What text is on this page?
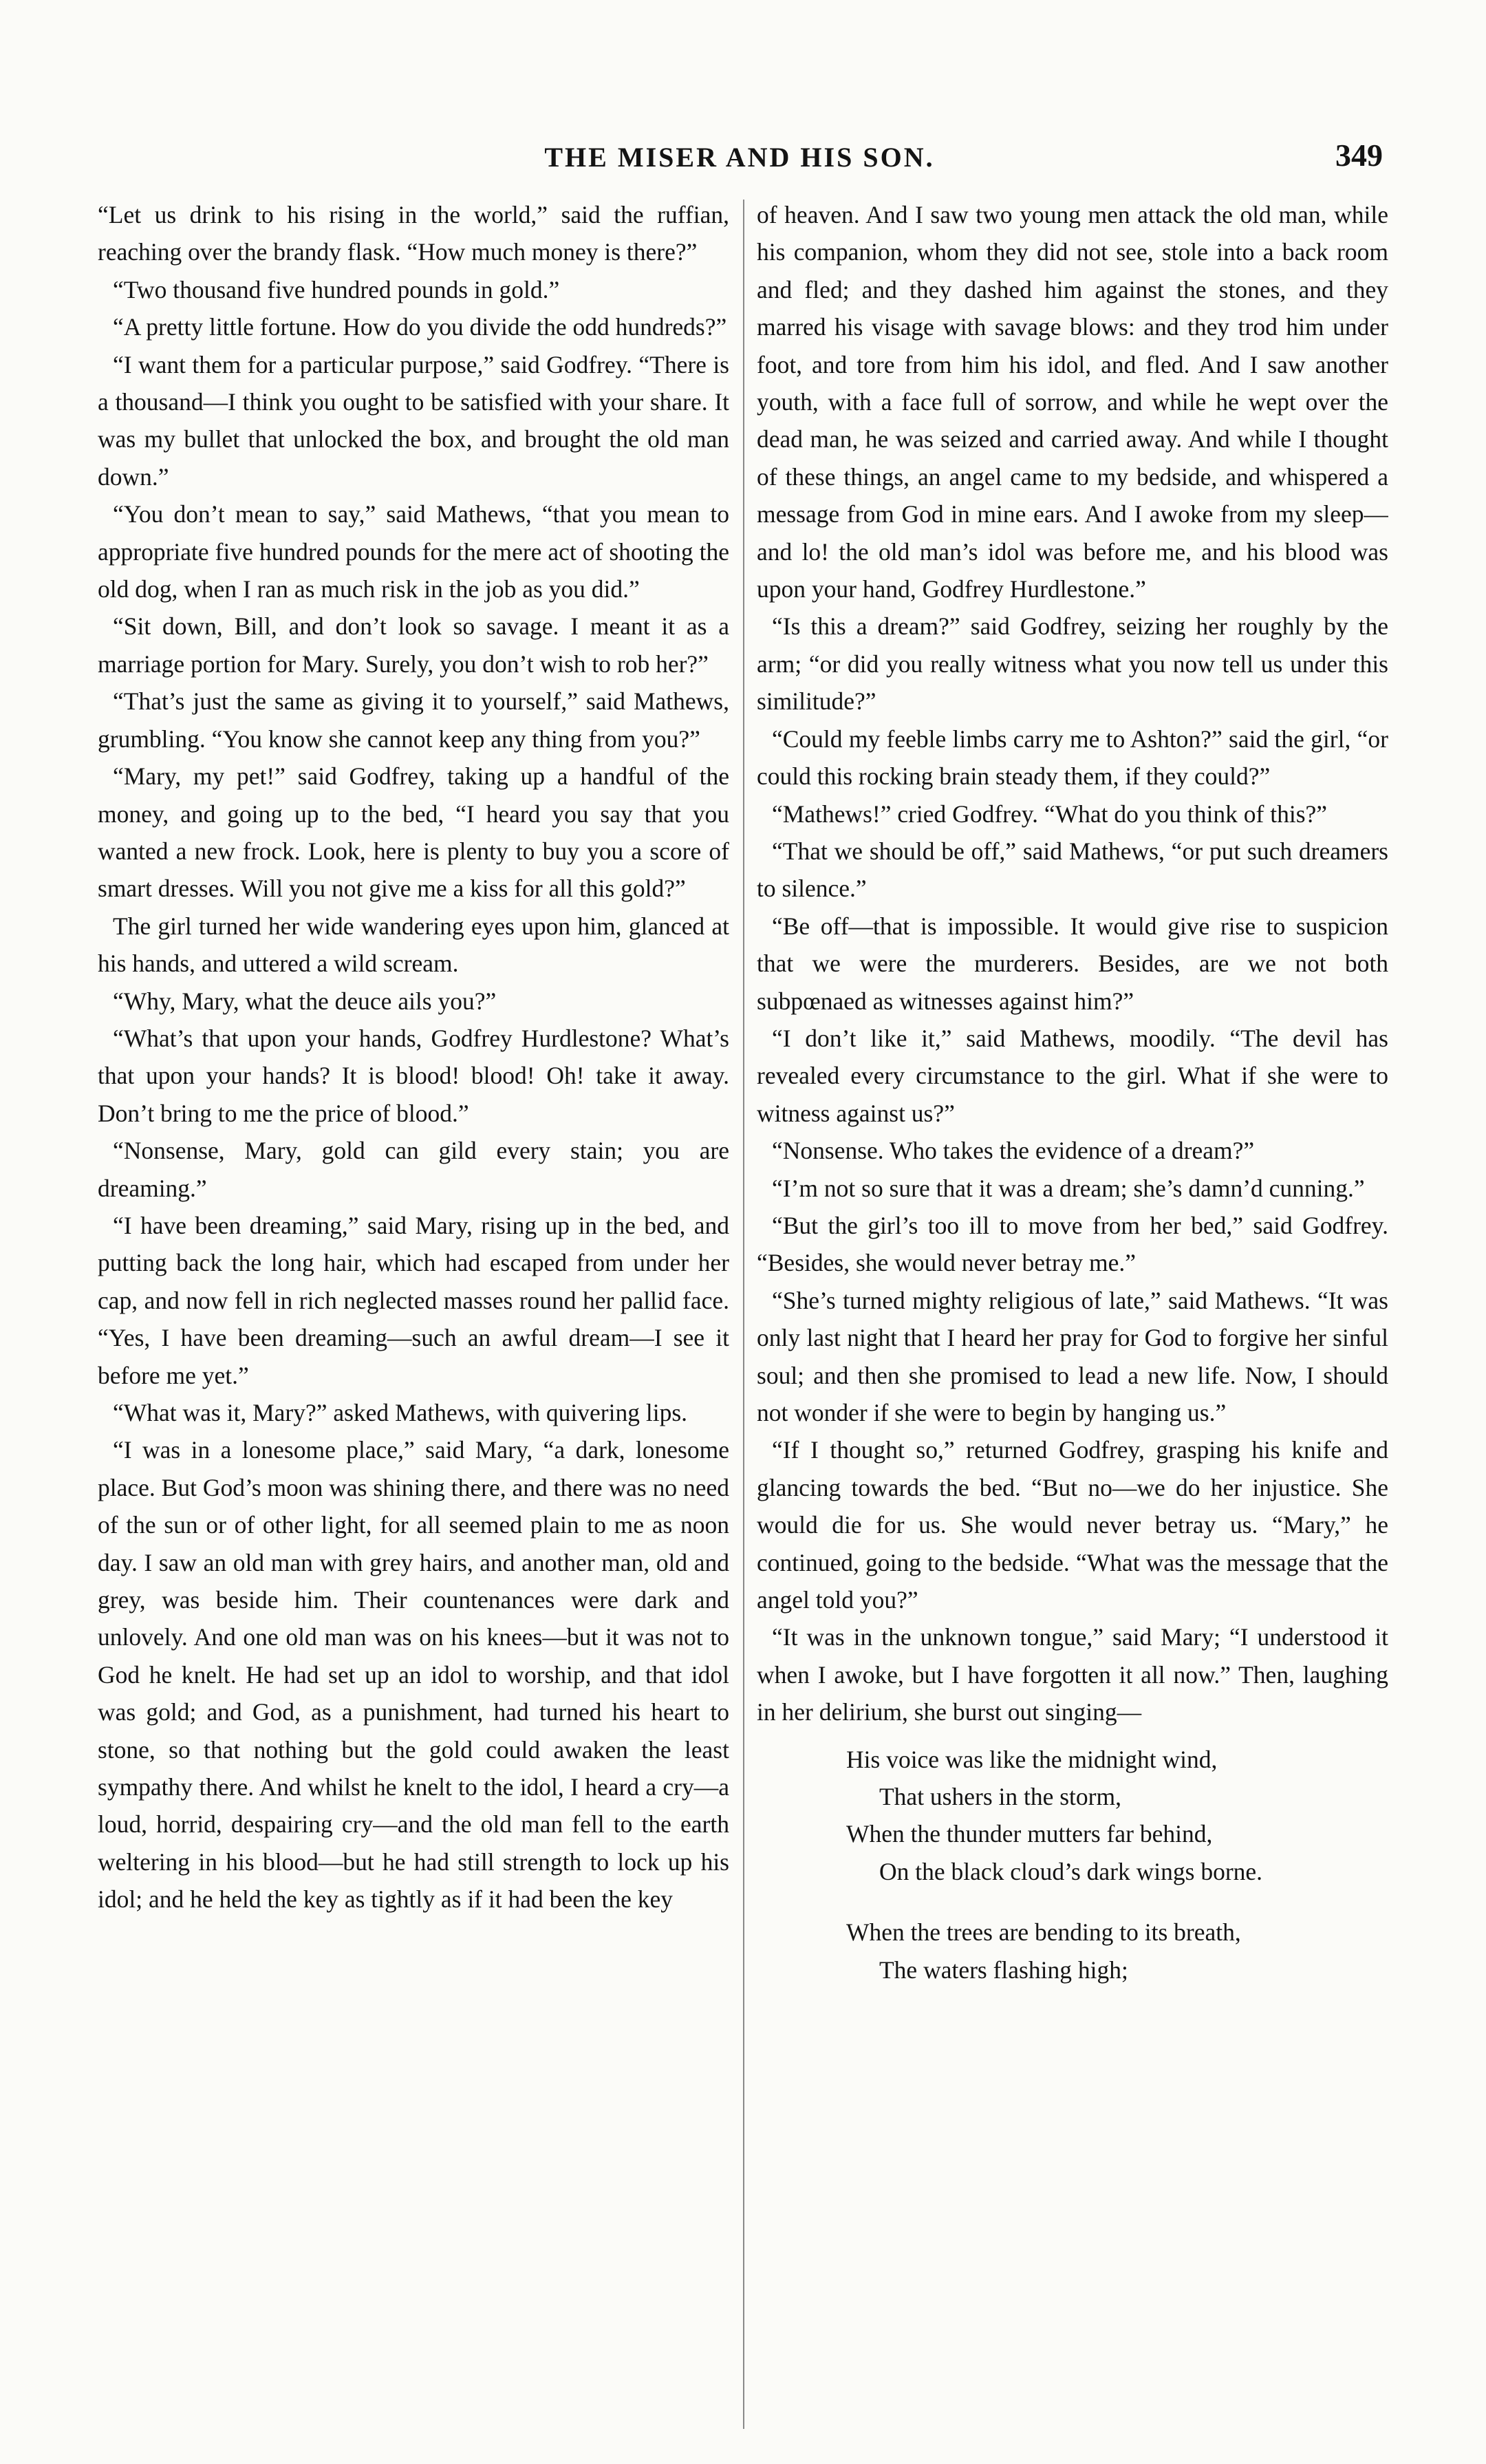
THE MISER AND HIS SON.	349

“Let us drink to his rising in the world,” said the ruffian, reaching over the brandy flask. “How much money is there?”

“Two thousand five hundred pounds in gold.”

“A pretty little fortune. How do you divide the odd hundreds?”

“I want them for a particular purpose,” said Godfrey. “There is a thousand—I think you ought to be satisfied with your share. It was my bullet that unlocked the box, and brought the old man down.”

“You don’t mean to say,” said Mathews, “that you mean to appropriate five hundred pounds for the mere act of shooting the old dog, when I ran as much risk in the job as you did.”

“Sit down, Bill, and don’t look so savage. I meant it as a marriage portion for Mary. Surely, you don’t wish to rob her?”

“That’s just the same as giving it to yourself,” said Mathews, grumbling. “You know she cannot keep any thing from you?”

“Mary, my pet!” said Godfrey, taking up a handful of the money, and going up to the bed, “I heard you say that you wanted a new frock. Look, here is plenty to buy you a score of smart dresses. Will you not give me a kiss for all this gold?”

The girl turned her wide wandering eyes upon him, glanced at his hands, and uttered a wild scream.

“Why, Mary, what the deuce ails you?”

“What’s that upon your hands, Godfrey Hurdlestone? What’s that upon your hands? It is blood! blood! Oh! take it away. Don’t bring to me the price of blood.”

“Nonsense, Mary, gold can gild every stain; you are dreaming.”

“I have been dreaming,” said Mary, rising up in the bed, and putting back the long hair, which had escaped from under her cap, and now fell in rich neglected masses round her pallid face. “Yes, I have been dreaming—such an awful dream—I see it before me yet.”

“What was it, Mary?” asked Mathews, with quivering lips.

“I was in a lonesome place,” said Mary, “a dark, lonesome place. But God’s moon was shining there, and there was no need of the sun or of other light, for all seemed plain to me as noon day. I saw an old man with grey hairs, and another man, old and grey, was beside him. Their countenances were dark and unlovely. And one old man was on his knees—but it was not to God he knelt. He had set up an idol to worship, and that idol was gold; and God, as a punishment, had turned his heart to stone, so that nothing but the gold could awaken the least sympathy there. And whilst he knelt to the idol, I heard a cry—a loud, horrid, despairing cry—and the old man fell to the earth weltering in his blood—but he had still strength to lock up his idol; and he held the key as tightly as if it had been the key

of heaven. And I saw two young men attack the old man, while his companion, whom they did not see, stole into a back room and fled; and they dashed him against the stones, and they marred his visage with savage blows: and they trod him under foot, and tore from him his idol, and fled. And I saw another youth, with a face full of sorrow, and while he wept over the dead man, he was seized and carried away. And while I thought of these things, an angel came to my bedside, and whispered a message from God in mine ears. And I awoke from my sleep—and lo! the old man’s idol was before me, and his blood was upon your hand, Godfrey Hurdlestone.”

“Is this a dream?” said Godfrey, seizing her roughly by the arm; “or did you really witness what you now tell us under this similitude?”

“Could my feeble limbs carry me to Ashton?” said the girl, “or could this rocking brain steady them, if they could?”

“Mathews!” cried Godfrey. “What do you think of this?”

“That we should be off,” said Mathews, “or put such dreamers to silence.”

“Be off—that is impossible. It would give rise to suspicion that we were the murderers. Besides, are we not both subpœnaed as witnesses against him?”

“I don’t like it,” said Mathews, moodily. “The devil has revealed every circumstance to the girl. What if she were to witness against us?”

“Nonsense. Who takes the evidence of a dream?”

“I’m not so sure that it was a dream; she’s damn’d cunning.”

“But the girl’s too ill to move from her bed,” said Godfrey. “Besides, she would never betray me.”

“She’s turned mighty religious of late,” said Mathews. “It was only last night that I heard her pray for God to forgive her sinful soul; and then she promised to lead a new life. Now, I should not wonder if she were to begin by hanging us.”

“If I thought so,” returned Godfrey, grasping his knife and glancing towards the bed. “But no—we do her injustice. She would die for us. She would never betray us. “Mary,” he continued, going to the bedside. “What was the message that the angel told you?”

“It was in the unknown tongue,” said Mary; “I understood it when I awoke, but I have forgotten it all now.” Then, laughing in her delirium, she burst out singing—

His voice was like the midnight wind,
That ushers in the storm,
When the thunder mutters far behind,
On the black cloud’s dark wings borne.
When the trees are bending to its breath,
The waters flashing high;
